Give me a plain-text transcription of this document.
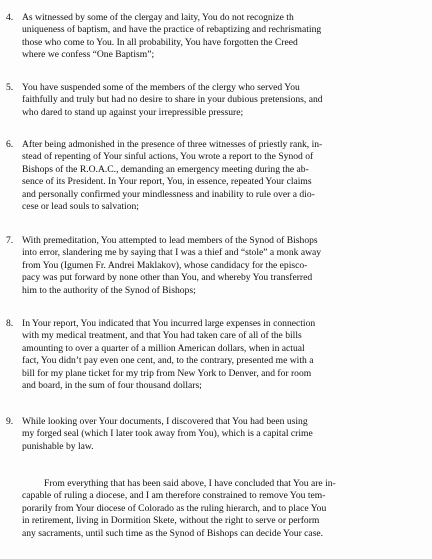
4. As witnessed by some of the clergay and laity, You do not recognize th
uniqueness of baptism, and have the practice of rebaptizing and rechrismating
those who come to You. In all probability, You have forgotten the Creed
where we confess “One Baptism”;
5. You have suspended some of the members of the clergy who served You
faithfully and truly but had no desire to share in your dubious pretensions, and
who dared to stand up against your irrepressible pressure;
6. After being admonished in the presence of three witnesses of priestly rank, in-
stead of repenting of Your sinful actions, You wrote a report to the Synod of
Bishops of the R.O.A.C., demanding an emergency meeting during the ab-
sence of its President. In Your report, You, in essence, repeated Your claims
and personally confirmed your mindlessness and inability to rule over a dio-
cese or lead souls to salvation;
7. With premeditation, You attempted to lead members of the Synod of Bishops
into error, slandering me by saying that I was a thief and “stole” a monk away
from You (Igumen Fr. Andrei Maklakov), whose candidacy for the episco-
pacy was put forward by none other than You, and whereby You transferred
him to the authority of the Synod of Bishops;
8. In Your report, You indicated that You incurred large expenses in connection
with my medical treatment, and that You had taken care of all of the bills
amounting to over a quarter of a million American dollars, when in actual
fact, You didn’t pay even one cent, and, to the contrary, presented me with a
bill for my plane ticket for my trip from New York to Denver, and for room
and board, in the sum of four thousand dollars;
9. While looking over Your documents, I discovered that You had been using
my forged seal (which I later took away from You), which is a capital crime
punishable by law.
From everything that has been said above, I have concluded that You are in-
capable of ruling a diocese, and I am therefore constrained to remove You tem-
porarily from Your diocese of Colorado as the ruling hierarch, and to place You
in retirement, living in Dormition Skete, without the right to serve or perform
any sacraments, until such time as the Synod of Bishops can decide Your case.
